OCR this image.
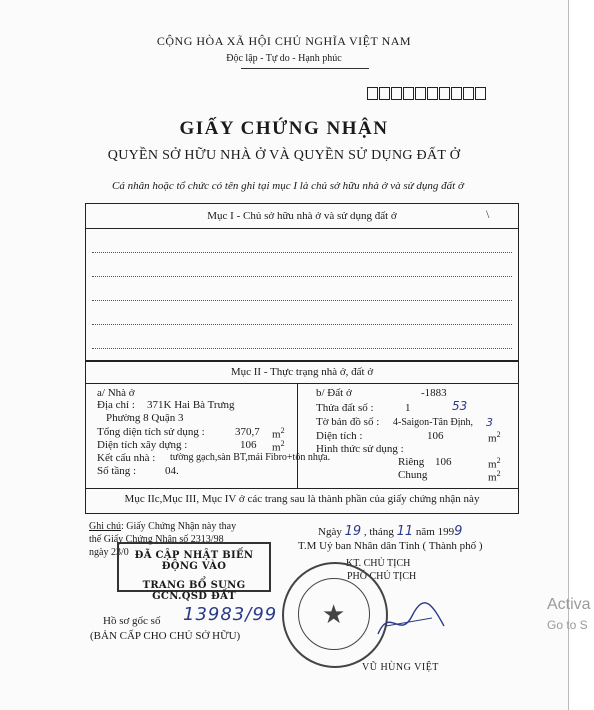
CỘNG HÒA XÃ HỘI CHỦ NGHĨA VIỆT NAM
Độc lập - Tự do - Hạnh phúc
GIẤY CHỨNG NHẬN
QUYỀN SỞ HỮU NHÀ Ở VÀ QUYỀN SỬ DỤNG ĐẤT Ở
Cá nhân hoặc tổ chức có tên ghi tại mục I là chủ sở hữu nhà ở và sử dụng đất ở
Mục I - Chủ sở hữu nhà ở và sử dụng đất ở
Mục II - Thực trạng nhà ở, đất ở
Mục IIc,Mục III, Mục IV ở các trang sau là thành phần của giấy chứng nhận này
a/ Nhà ở
Địa chỉ : 371K Hai Bà Trưng
Phường 8 Quận 3
Tổng diện tích sử dụng :	370,7 $m^2$
Diện tích xây dựng :	106 $m^2$
Kết cấu nhà : tường gạch,sàn BT,mái Fibro+tôn nhựa.
Số tầng :	04.
b/ Đất ở	-1883
Thửa đất số :	1	53
Tờ bản đồ số : 4-Saigon-Tân Định, 3
Diện tích :	106	$m^2$
Hình thức sử dụng :
Riêng 106	$m^2$
Chung	$m^2$
Ghi chú: Giấy Chứng Nhận này thay
thế Giấy Chứng Nhận số 2313/98
ngày 23/0 ĐÃ CẬP NHẬT BIẾN ĐỘNG VÀO
TRANG BỔ SUNG GCN.QSD ĐẤT
Ngày 19 , tháng 11 năm 1999
T.M Uỷ ban Nhân dân Tỉnh ( Thành phố )
KT. CHỦ TỊCH
PHÓ CHỦ TỊCH
★
VŨ HÙNG VIỆT
Hồ sơ gốc số 13983/99
(BẢN CẤP CHO CHỦ SỞ HỮU)
\
Activa
Go to S
